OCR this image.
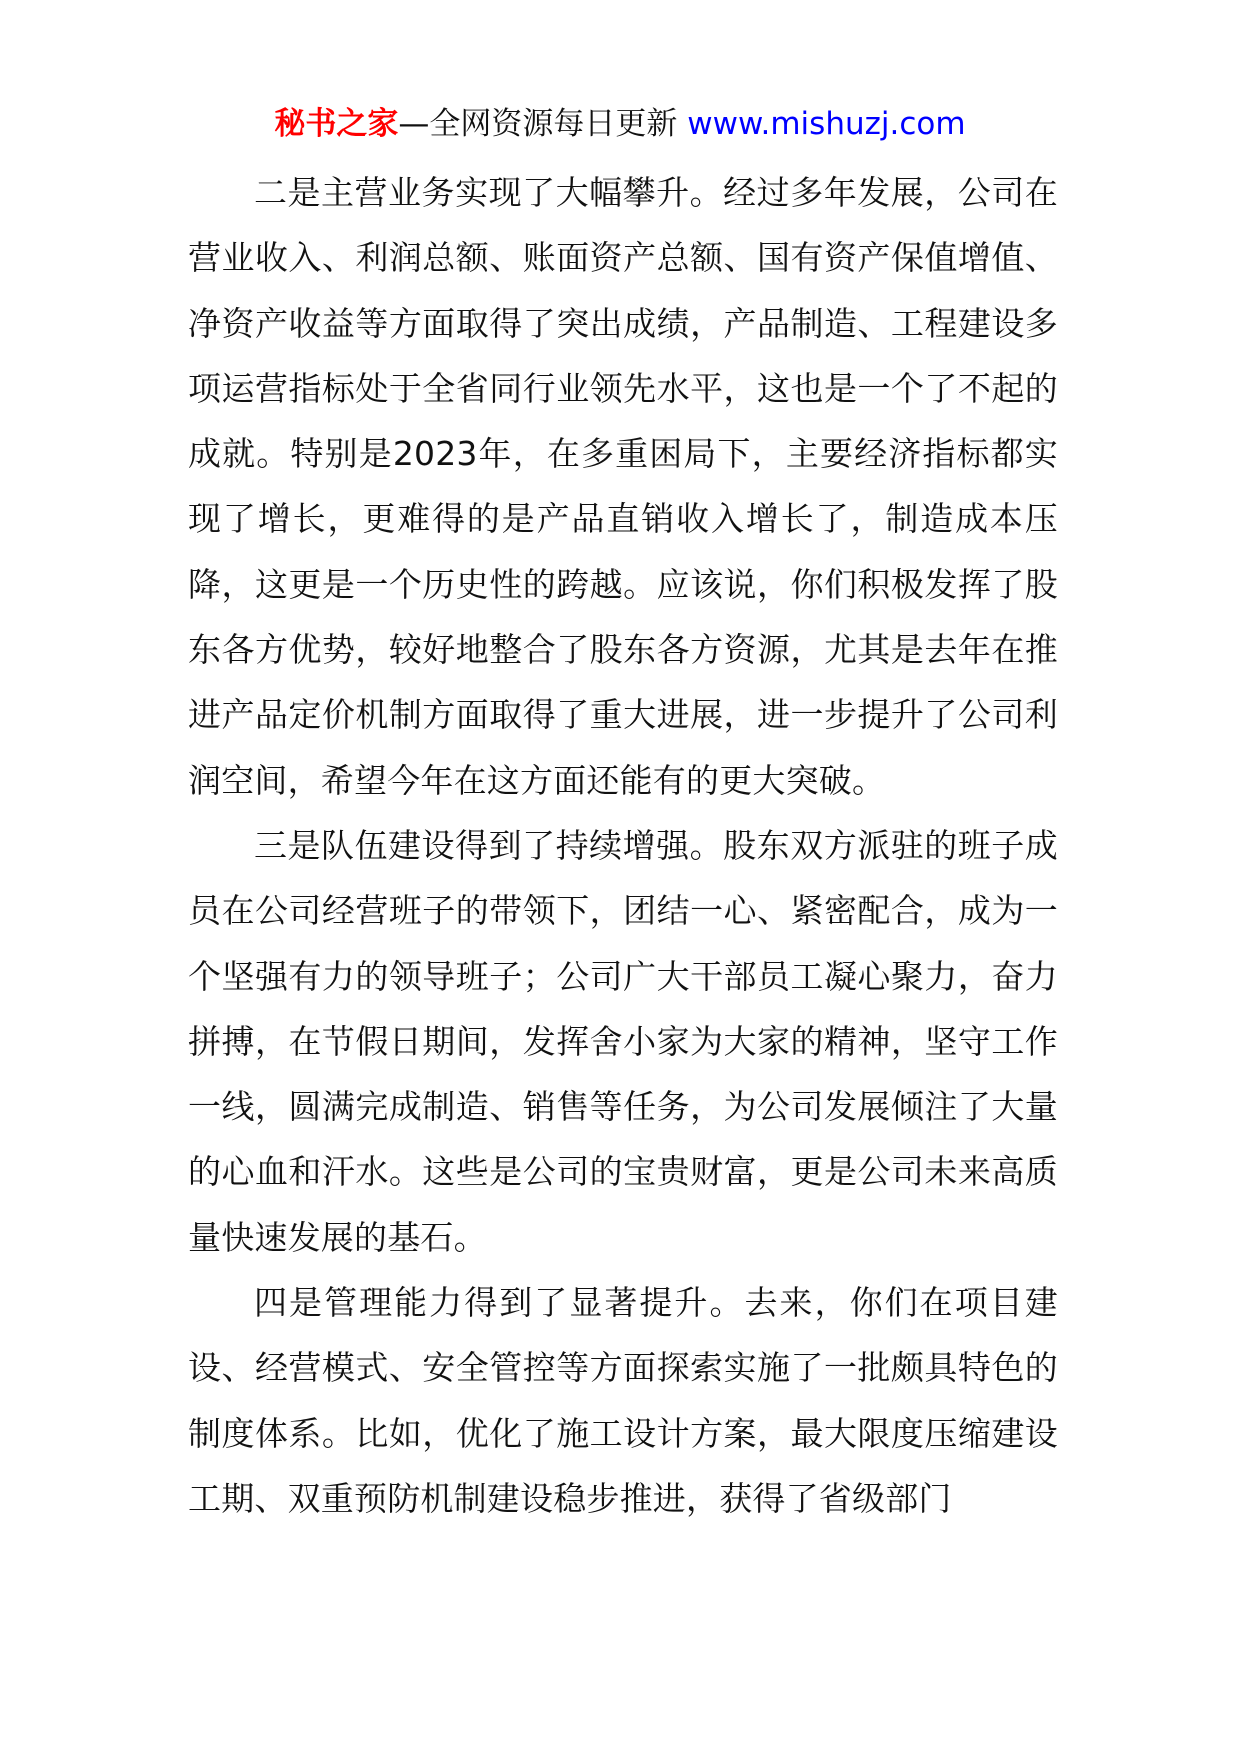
秘书之家—全网资源每日更新 www.mishuzj.com

二是主营业务实现了大幅攀升。经过多年发展，公司在营业收入、利润总额、账面资产总额、国有资产保值增值、净资产收益等方面取得了突出成绩，产品制造、工程建设多项运营指标处于全省同行业领先水平，这也是一个了不起的成就。特别是2023年，在多重困局下，主要经济指标都实现了增长，更难得的是产品直销收入增长了，制造成本压降，这更是一个历史性的跨越。应该说，你们积极发挥了股东各方优势，较好地整合了股东各方资源，尤其是去年在推进产品定价机制方面取得了重大进展，进一步提升了公司利润空间，希望今年在这方面还能有的更大突破。

三是队伍建设得到了持续增强。股东双方派驻的班子成员在公司经营班子的带领下，团结一心、紧密配合，成为一个坚强有力的领导班子；公司广大干部员工凝心聚力，奋力拼搏，在节假日期间，发挥舍小家为大家的精神，坚守工作一线，圆满完成制造、销售等任务，为公司发展倾注了大量的心血和汗水。这些是公司的宝贵财富，更是公司未来高质量快速发展的基石。

四是管理能力得到了显著提升。去来，你们在项目建设、经营模式、安全管控等方面探索实施了一批颇具特色的制度体系。比如，优化了施工设计方案，最大限度压缩建设工期、双重预防机制建设稳步推进，获得了省级部门
